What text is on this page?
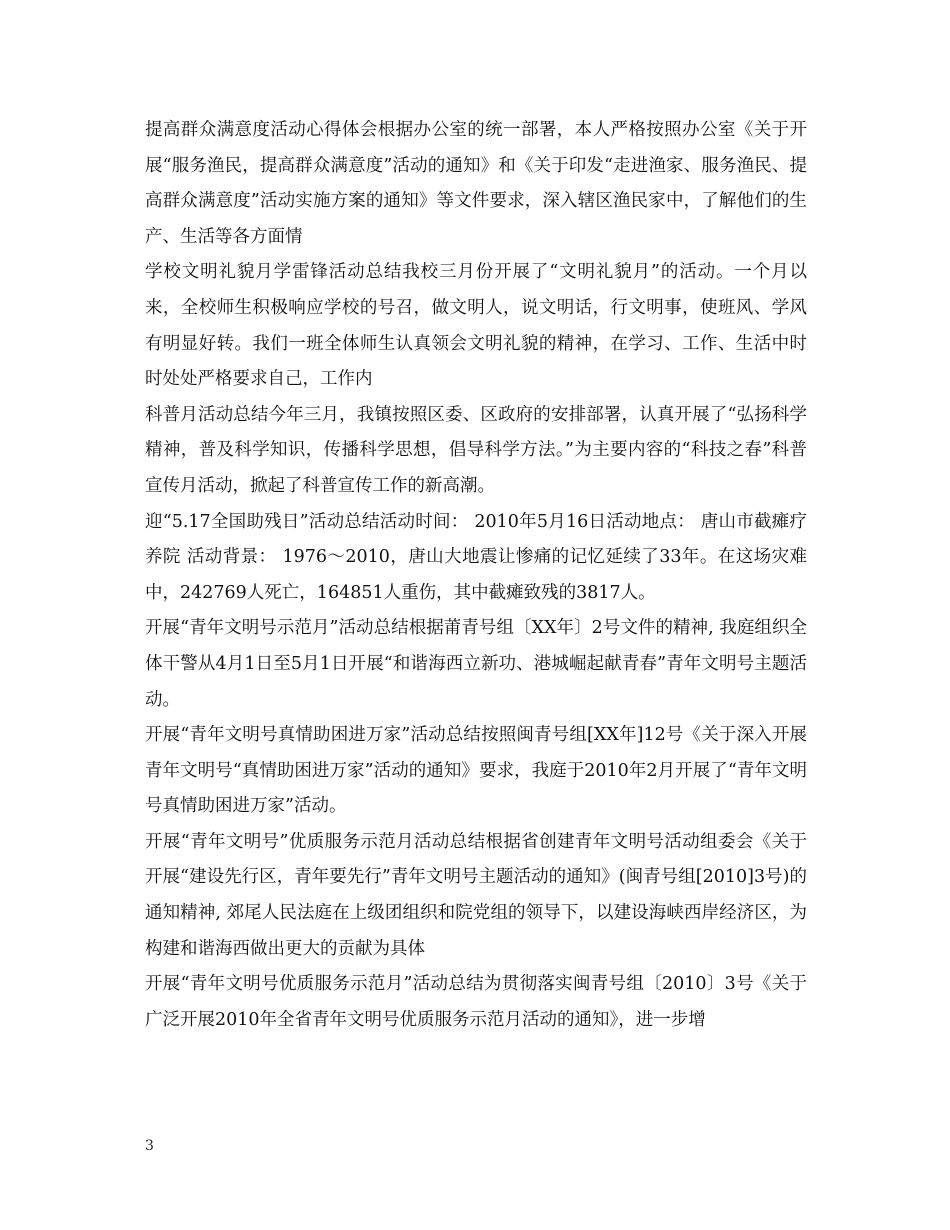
提高群众满意度活动心得体会根据办公室的统一部署，本人严格按照办公室《关于开展“服务渔民，提高群众满意度”活动的通知》和《关于印发“走进渔家、服务渔民、提高群众满意度”活动实施方案的通知》等文件要求，深入辖区渔民家中，了解他们的生产、生活等各方面情

学校文明礼貌月学雷锋活动总结我校三月份开展了“文明礼貌月”的活动。一个月以来，全校师生积极响应学校的号召，做文明人，说文明话，行文明事，使班风、学风有明显好转。我们一班全体师生认真领会文明礼貌的精神，在学习、工作、生活中时时处处严格要求自己，工作内

科普月活动总结今年三月，我镇按照区委、区政府的安排部署，认真开展了“弘扬科学精神，普及科学知识，传播科学思想，倡导科学方法。”为主要内容的“科技之春”科普宣传月活动，掀起了科普宣传工作的新高潮。

迎“5.17全国助残日”活动总结活动时间： 2010年5月16日活动地点： 唐山市截瘫疗养院 活动背景： 1976～2010，唐山大地震让惨痛的记忆延续了33年。在这场灾难中，242769人死亡，164851人重伤，其中截瘫致残的3817人。

开展“青年文明号示范月”活动总结根据莆青号组〔XX年〕2号文件的精神, 我庭组织全体干警从4月1日至5月1日开展“和谐海西立新功、港城崛起献青春”青年文明号主题活动。

开展“青年文明号真情助困进万家”活动总结按照闽青号组[XX年]12号《关于深入开展青年文明号“真情助困进万家”活动的通知》要求，我庭于2010年2月开展了“青年文明号真情助困进万家”活动。

开展“青年文明号”优质服务示范月活动总结根据省创建青年文明号活动组委会《关于开展“建设先行区，青年要先行”青年文明号主题活动的通知》(闽青号组[2010]3号)的通知精神, 郊尾人民法庭在上级团组织和院党组的领导下，以建设海峡西岸经济区，为构建和谐海西做出更大的贡献为具体

开展“青年文明号优质服务示范月”活动总结为贯彻落实闽青号组〔2010〕3号《关于广泛开展2010年全省青年文明号优质服务示范月活动的通知》，进一步增

3
